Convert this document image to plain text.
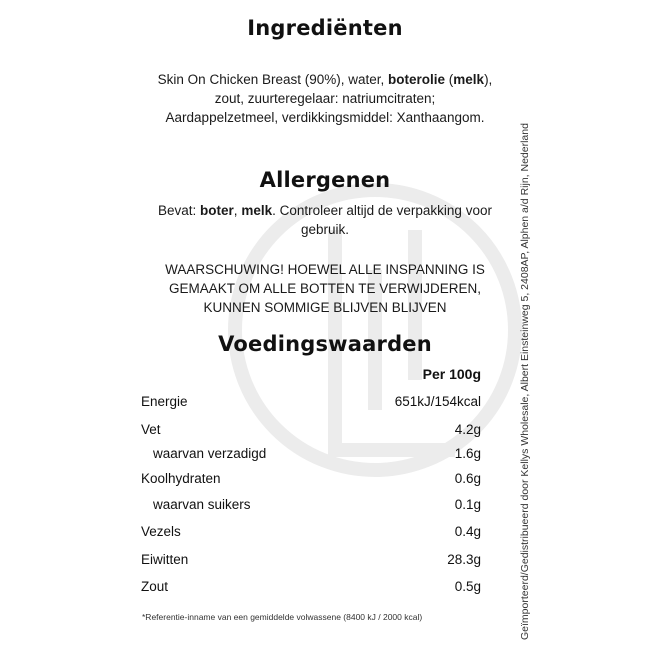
Ingrediënten
Skin On Chicken Breast (90%), water, boterolie (melk),
zout, zuurteregelaar: natriumcitraten;
Aardappelzetmeel, verdikkingsmiddel: Xanthaangom.
Allergenen
Bevat: boter, melk. Controleer altijd de verpakking voor
gebruik.
WAARSCHUWING! HOEWEL ALLE INSPANNING IS
GEMAAKT OM ALLE BOTTEN TE VERWIJDEREN,
KUNNEN SOMMIGE BLIJVEN BLIJVEN
Voedingswaarden
Per 100g
Energie	651kJ/154kcal
Vet	4.2g
waarvan verzadigd	1.6g
Koolhydraten	0.6g
waarvan suikers	0.1g
Vezels	0.4g
Eiwitten	28.3g
Zout	0.5g
*Referentie-inname van een gemiddelde volwassene (8400 kJ / 2000 kcal)	Geïmporteerd/Gedistribueerd door Kellys Wholesale, Albert Einsteinweg 5, 2408AP, Alphen a/d Rijn, Nederland
